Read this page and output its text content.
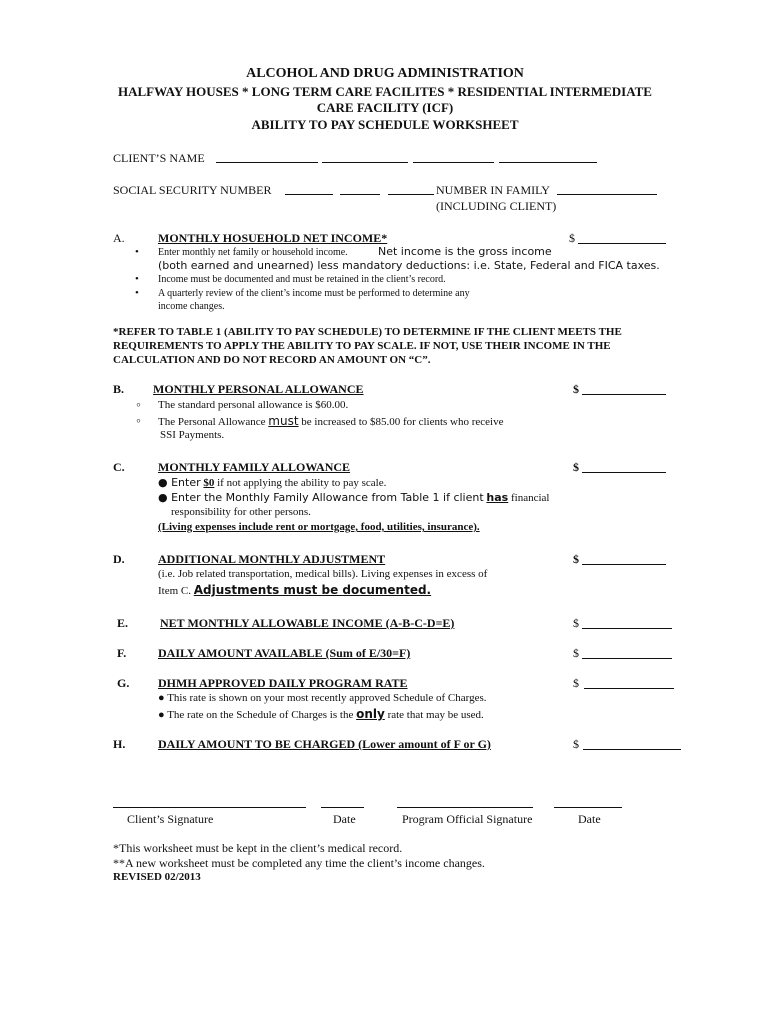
ALCOHOL AND DRUG ADMINISTRATION
HALFWAY HOUSES * LONG TERM CARE FACILITES * RESIDENTIAL INTERMEDIATE
CARE FACILITY (ICF)
ABILITY TO PAY SCHEDULE WORKSHEET
CLIENT’S NAME
SOCIAL SECURITY NUMBER	NUMBER IN FAMILY
(INCLUDING CLIENT)
A.	MONTHLY HOSUEHOLD NET INCOME*	$
• Enter monthly net family or household income.	Net income is the gross income
(both earned and unearned) less mandatory deductions: i.e. State, Federal and FICA taxes.
• Income must be documented and must be retained in the client’s record.
• A quarterly review of the client’s income must be performed to determine any
income changes.
*REFER TO TABLE 1 (ABILITY TO PAY SCHEDULE) TO DETERMINE IF THE CLIENT MEETS THE
REQUIREMENTS TO APPLY THE ABILITY TO PAY SCALE. IF NOT, USE THEIR INCOME IN THE
CALCULATION AND DO NOT RECORD AN AMOUNT ON “C”.
B. MONTHLY PERSONAL ALLOWANCE	$
∘ The standard personal allowance is $60.00.
∘ The Personal Allowance must be increased to $85.00 for clients who receive
SSI Payments.
C.	MONTHLY FAMILY ALLOWANCE	$
● Enter $0 if not applying the ability to pay scale.
● Enter the Monthly Family Allowance from Table 1 if client has financial
responsibility for other persons.
(Living expenses include rent or mortgage, food, utilities, insurance).
D.	ADDITIONAL MONTHLY ADJUSTMENT	$
(i.e. Job related transportation, medical bills). Living expenses in excess of
Item C. Adjustments must be documented.
E.	NET MONTHLY ALLOWABLE INCOME (A-B-C-D=E)	$
F.	DAILY AMOUNT AVAILABLE (Sum of E/30=F)	$
G. DHMH APPROVED DAILY PROGRAM RATE	$
● This rate is shown on your most recently approved Schedule of Charges.
● The rate on the Schedule of Charges is the only rate that may be used.
H.	DAILY AMOUNT TO BE CHARGED (Lower amount of F or G)	$
Client’s Signature	Date	Program Official Signature	Date
*This worksheet must be kept in the client’s medical record.
**A new worksheet must be completed any time the client’s income changes.
REVISED 02/2013
